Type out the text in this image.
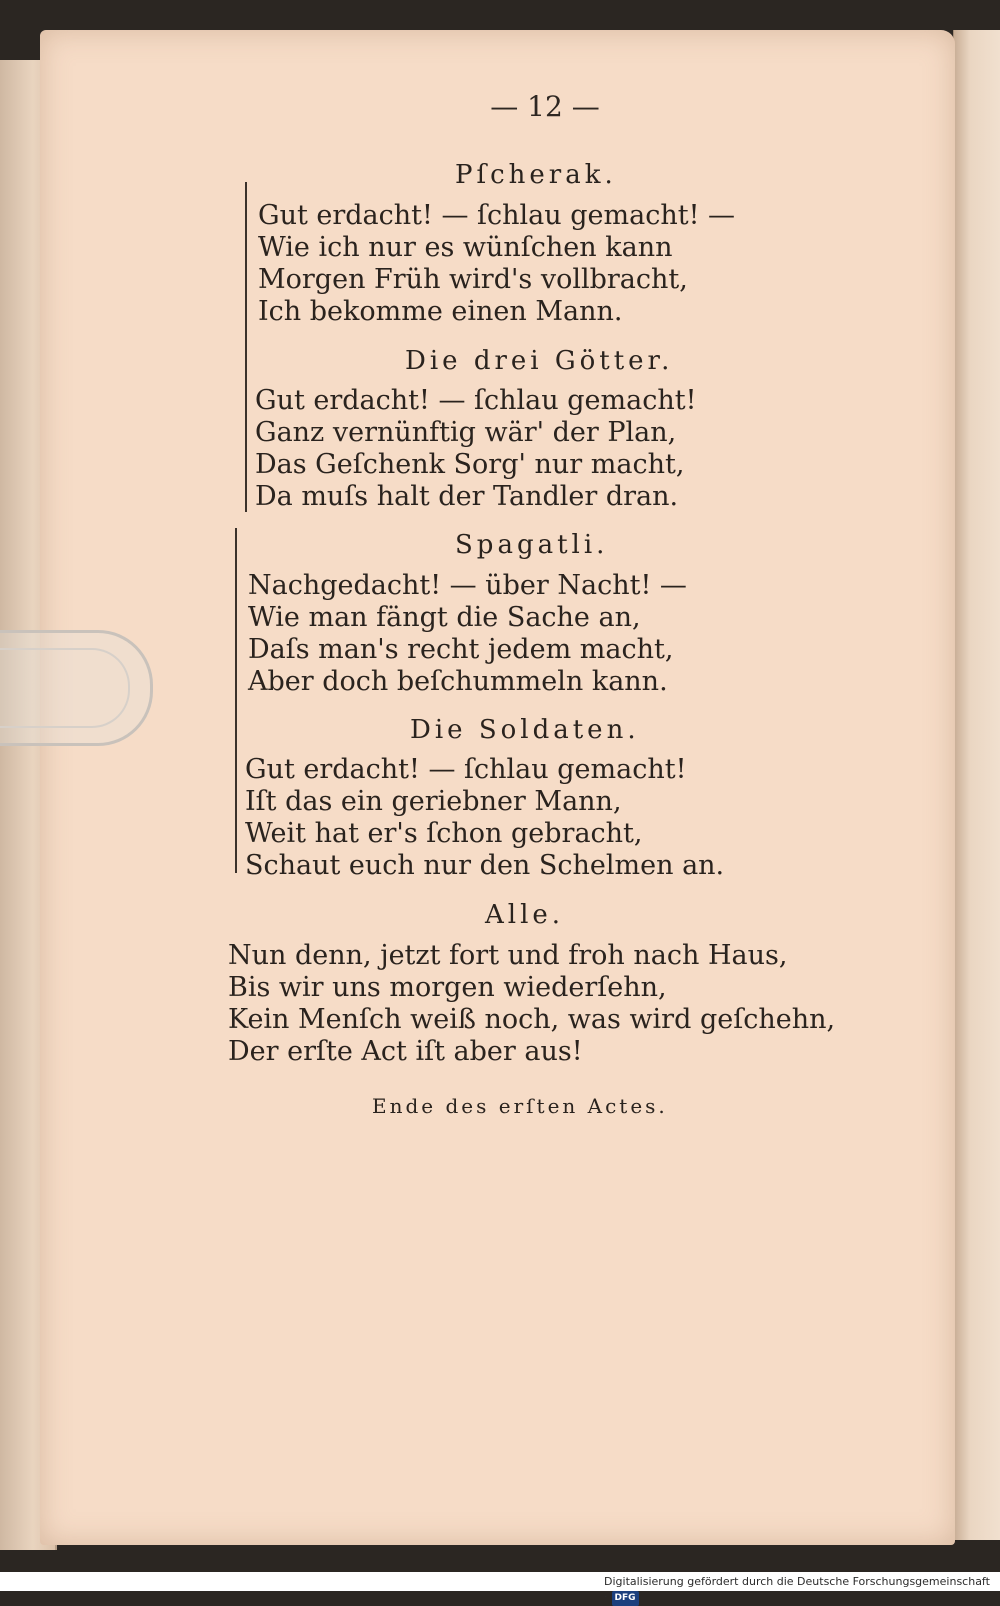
— 12 —
Pſcherak.
Gut erdacht! — ſchlau gemacht! —
Wie ich nur es wünſchen kann
Morgen Früh wird's vollbracht,
Ich bekomme einen Mann.
Die drei Götter.
Gut erdacht! — ſchlau gemacht!
Ganz vernünftig wär' der Plan,
Das Geſchenk Sorg' nur macht,
Da muſs halt der Tandler dran.
Spagatli.
Nachgedacht! — über Nacht! —
Wie man fängt die Sache an,
Daſs man's recht jedem macht,
Aber doch beſchummeln kann.
Die Soldaten.
Gut erdacht! — ſchlau gemacht!
Iſt das ein geriebner Mann,
Weit hat er's ſchon gebracht,
Schaut euch nur den Schelmen an.
Alle.
Nun denn, jetzt fort und froh nach Haus,
Bis wir uns morgen wiederſehn,
Kein Menſch weiß noch, was wird geſchehn,
Der erſte Act iſt aber aus!
Ende des erſten Actes.
Digitalisierung gefördert durch die Deutsche Forschungsgemeinschaft · DFG
